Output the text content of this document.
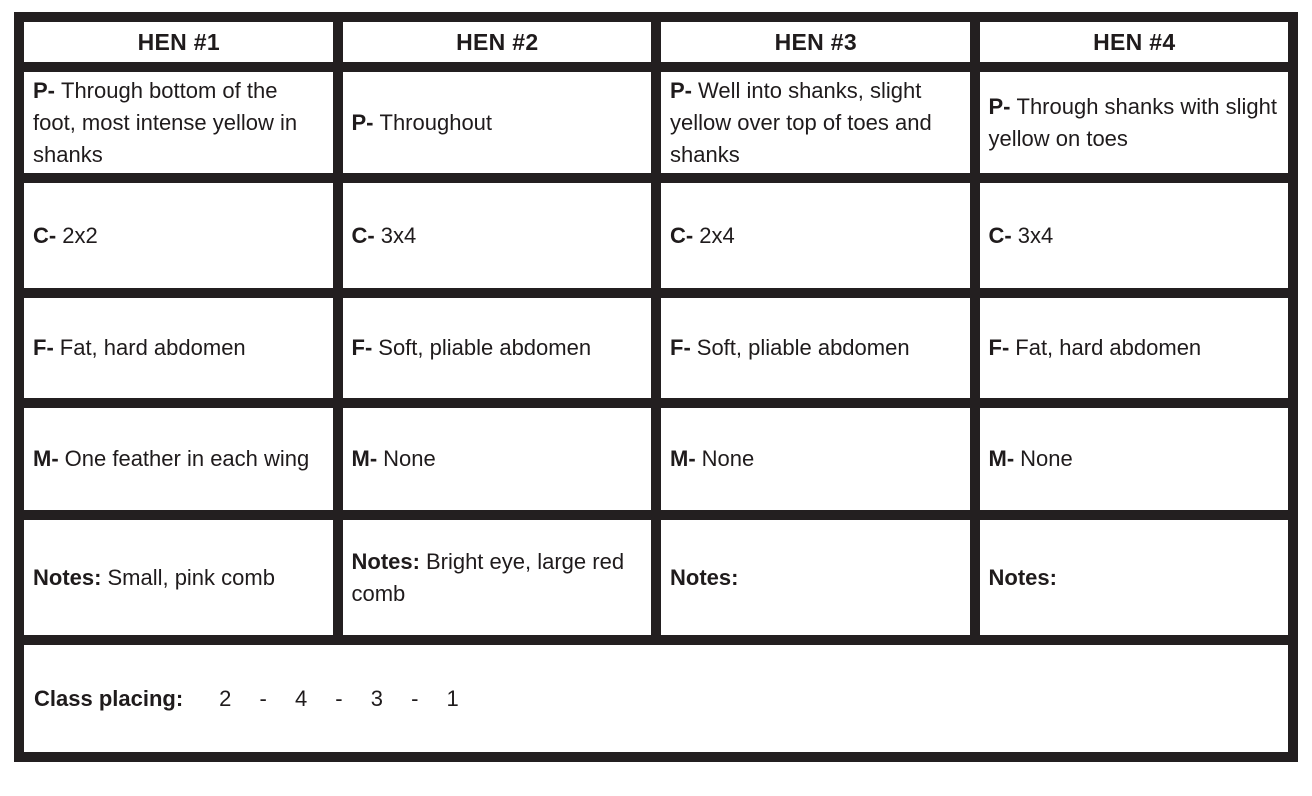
HEN #1	HEN #2	HEN #3	HEN #4
P- Through bottom of the foot, most intense yellow in shanks	P- Throughout	P- Well into shanks, slight yellow over top of toes and shanks	P- Through shanks with slight yellow on toes
C- 2x2	C- 3x4	C- 2x4	C- 3x4
F- Fat, hard abdomen	F- Soft, pliable abdomen	F- Soft, pliable abdomen	F- Fat, hard abdomen
M- One feather in each wing	M- None	M- None	M- None
Notes: Small, pink comb	Notes: Bright eye, large red comb	Notes:	Notes:
Class placing: 2 - 4 - 3 - 1			
